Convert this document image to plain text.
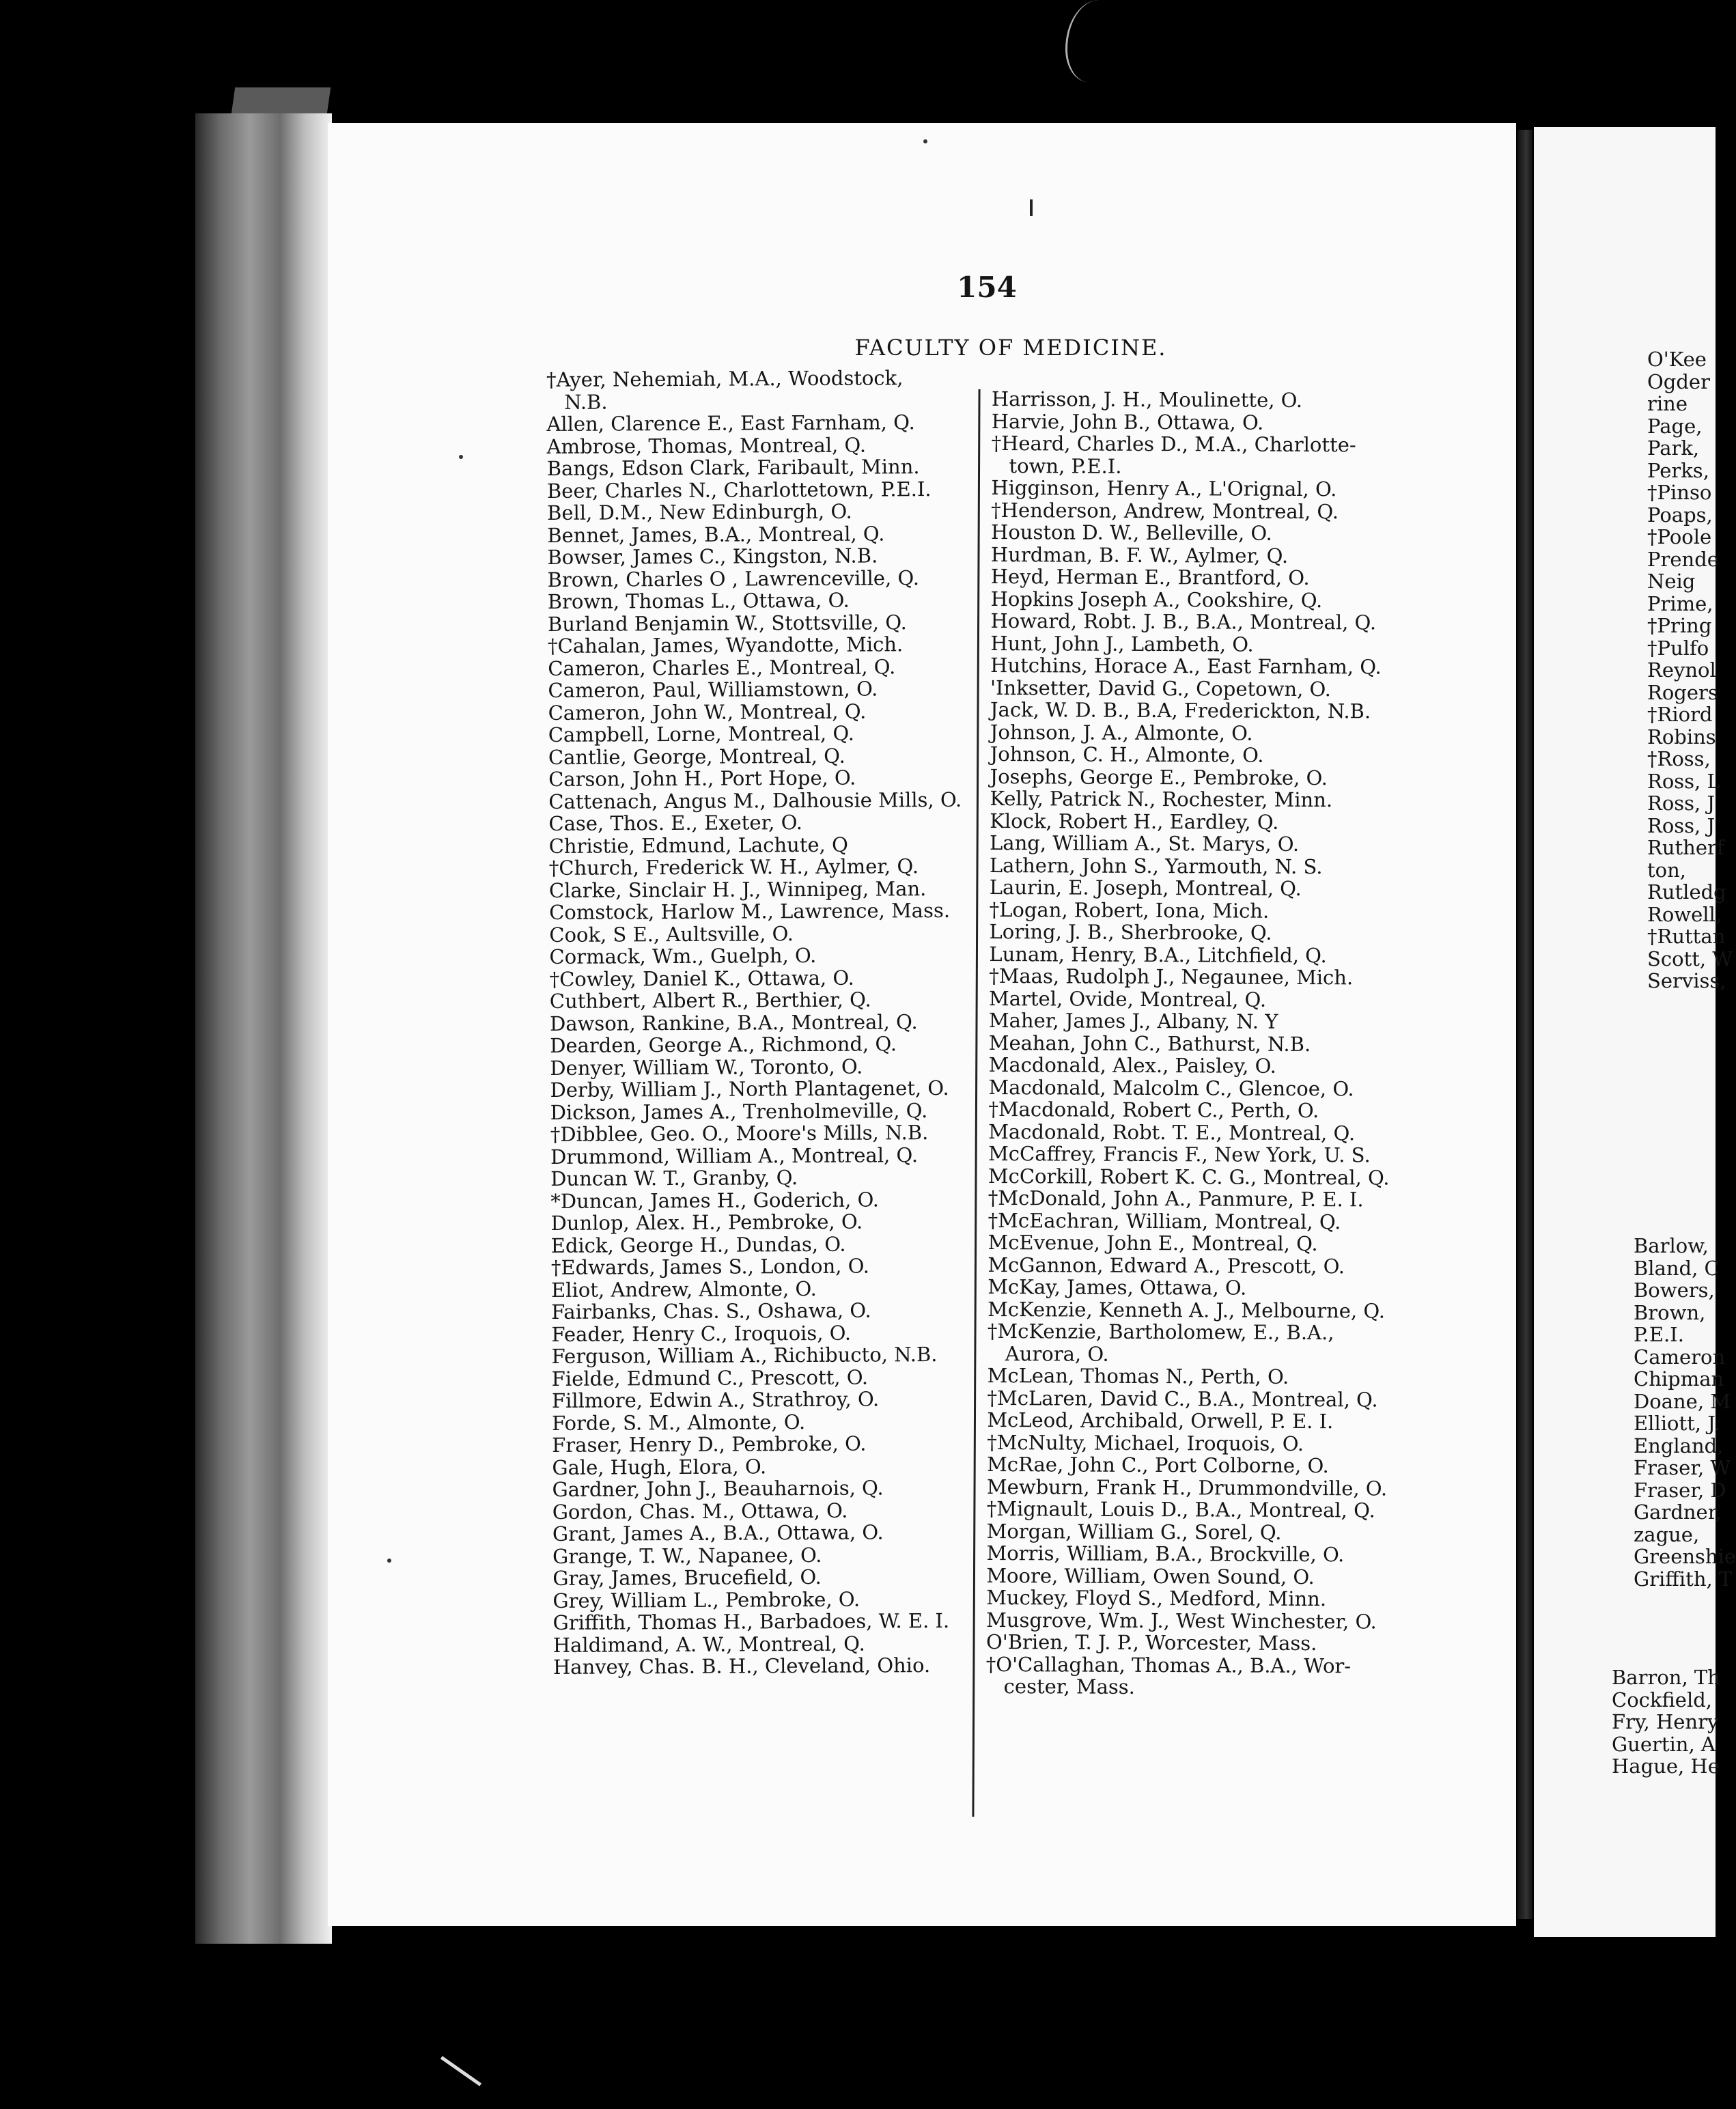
154
FACULTY OF MEDICINE.
†Ayer, Nehemiah, M.A., Woodstock,
N.B.
Allen, Clarence E., East Farnham, Q.
Ambrose, Thomas, Montreal, Q.
Bangs, Edson Clark, Faribault, Minn.
Beer, Charles N., Charlottetown, P.E.I.
Bell, D.M., New Edinburgh, O.
Bennet, James, B.A., Montreal, Q.
Bowser, James C., Kingston, N.B.
Brown, Charles O , Lawrenceville, Q.
Brown, Thomas L., Ottawa, O.
Burland Benjamin W., Stottsville, Q.
†Cahalan, James, Wyandotte, Mich.
Cameron, Charles E., Montreal, Q.
Cameron, Paul, Williamstown, O.
Cameron, John W., Montreal, Q.
Campbell, Lorne, Montreal, Q.
Cantlie, George, Montreal, Q.
Carson, John H., Port Hope, O.
Cattenach, Angus M., Dalhousie Mills, O.
Case, Thos. E., Exeter, O.
Christie, Edmund, Lachute, Q
†Church, Frederick W. H., Aylmer, Q.
Clarke, Sinclair H. J., Winnipeg, Man.
Comstock, Harlow M., Lawrence, Mass.
Cook, S E., Aultsville, O.
Cormack, Wm., Guelph, O.
†Cowley, Daniel K., Ottawa, O.
Cuthbert, Albert R., Berthier, Q.
Dawson, Rankine, B.A., Montreal, Q.
Dearden, George A., Richmond, Q.
Denyer, William W., Toronto, O.
Derby, William J., North Plantagenet, O.
Dickson, James A., Trenholmeville, Q.
†Dibblee, Geo. O., Moore's Mills, N.B.
Drummond, William A., Montreal, Q.
Duncan W. T., Granby, Q.
*Duncan, James H., Goderich, O.
Dunlop, Alex. H., Pembroke, O.
Edick, George H., Dundas, O.
†Edwards, James S., London, O.
Eliot, Andrew, Almonte, O.
Fairbanks, Chas. S., Oshawa, O.
Feader, Henry C., Iroquois, O.
Ferguson, William A., Richibucto, N.B.
Fielde, Edmund C., Prescott, O.
Fillmore, Edwin A., Strathroy, O.
Forde, S. M., Almonte, O.
Fraser, Henry D., Pembroke, O.
Gale, Hugh, Elora, O.
Gardner, John J., Beauharnois, Q.
Gordon, Chas. M., Ottawa, O.
Grant, James A., B.A., Ottawa, O.
Grange, T. W., Napanee, O.
Gray, James, Brucefield, O.
Grey, William L., Pembroke, O.
Griffith, Thomas H., Barbadoes, W. E. I.
Haldimand, A. W., Montreal, Q.
Hanvey, Chas. B. H., Cleveland, Ohio.
Harrisson, J. H., Moulinette, O.
Harvie, John B., Ottawa, O.
†Heard, Charles D., M.A., Charlotte-
town, P.E.I.
Higginson, Henry A., L'Orignal, O.
†Henderson, Andrew, Montreal, Q.
Houston D. W., Belleville, O.
Hurdman, B. F. W., Aylmer, Q.
Heyd, Herman E., Brantford, O.
Hopkins Joseph A., Cookshire, Q.
Howard, Robt. J. B., B.A., Montreal, Q.
Hunt, John J., Lambeth, O.
Hutchins, Horace A., East Farnham, Q.
'Inksetter, David G., Copetown, O.
Jack, W. D. B., B.A, Frederickton, N.B.
Johnson, J. A., Almonte, O.
Johnson, C. H., Almonte, O.
Josephs, George E., Pembroke, O.
Kelly, Patrick N., Rochester, Minn.
Klock, Robert H., Eardley, Q.
Lang, William A., St. Marys, O.
Lathern, John S., Yarmouth, N. S.
Laurin, E. Joseph, Montreal, Q.
†Logan, Robert, Iona, Mich.
Loring, J. B., Sherbrooke, Q.
Lunam, Henry, B.A., Litchfield, Q.
†Maas, Rudolph J., Negaunee, Mich.
Martel, Ovide, Montreal, Q.
Maher, James J., Albany, N. Y
Meahan, John C., Bathurst, N.B.
Macdonald, Alex., Paisley, O.
Macdonald, Malcolm C., Glencoe, O.
†Macdonald, Robert C., Perth, O.
Macdonald, Robt. T. E., Montreal, Q.
McCaffrey, Francis F., New York, U. S.
McCorkill, Robert K. C. G., Montreal, Q.
†McDonald, John A., Panmure, P. E. I.
†McEachran, William, Montreal, Q.
McEvenue, John E., Montreal, Q.
McGannon, Edward A., Prescott, O.
McKay, James, Ottawa, O.
McKenzie, Kenneth A. J., Melbourne, Q.
†McKenzie, Bartholomew, E., B.A.,
Aurora, O.
McLean, Thomas N., Perth, O.
†McLaren, David C., B.A., Montreal, Q.
McLeod, Archibald, Orwell, P. E. I.
†McNulty, Michael, Iroquois, O.
McRae, John C., Port Colborne, O.
Mewburn, Frank H., Drummondville, O.
†Mignault, Louis D., B.A., Montreal, Q.
Morgan, William G., Sorel, Q.
Morris, William, B.A., Brockville, O.
Moore, William, Owen Sound, O.
Muckey, Floyd S., Medford, Minn.
Musgrove, Wm. J., West Winchester, O.
O'Brien, T. J. P., Worcester, Mass.
†O'Callaghan, Thomas A., B.A., Wor-
cester, Mass.
O'Kee
Ogder
rine
Page,
Park,
Perks,
†Pinso
Poaps,
†Poole
Prende
Neig
Prime,
†Pring
†Pulfo
Reynol
Rogers
†Riord
Robins
†Ross,
Ross, L
Ross, J
Ross, J
Rutherf
ton,
Rutledg
Rowell,
†Ruttan
Scott, W
Serviss,
Barlow,
Bland, C
Bowers,
Brown,
P.E.I.
Cameron
Chipman
Doane, M
Elliott, J.
England,
Fraser, W
Fraser, D
Gardner,
zague,
Greenshie
Griffith, T
Barron, Th
Cockfield,
Fry, Henry
Guertin, A
Hague, He
